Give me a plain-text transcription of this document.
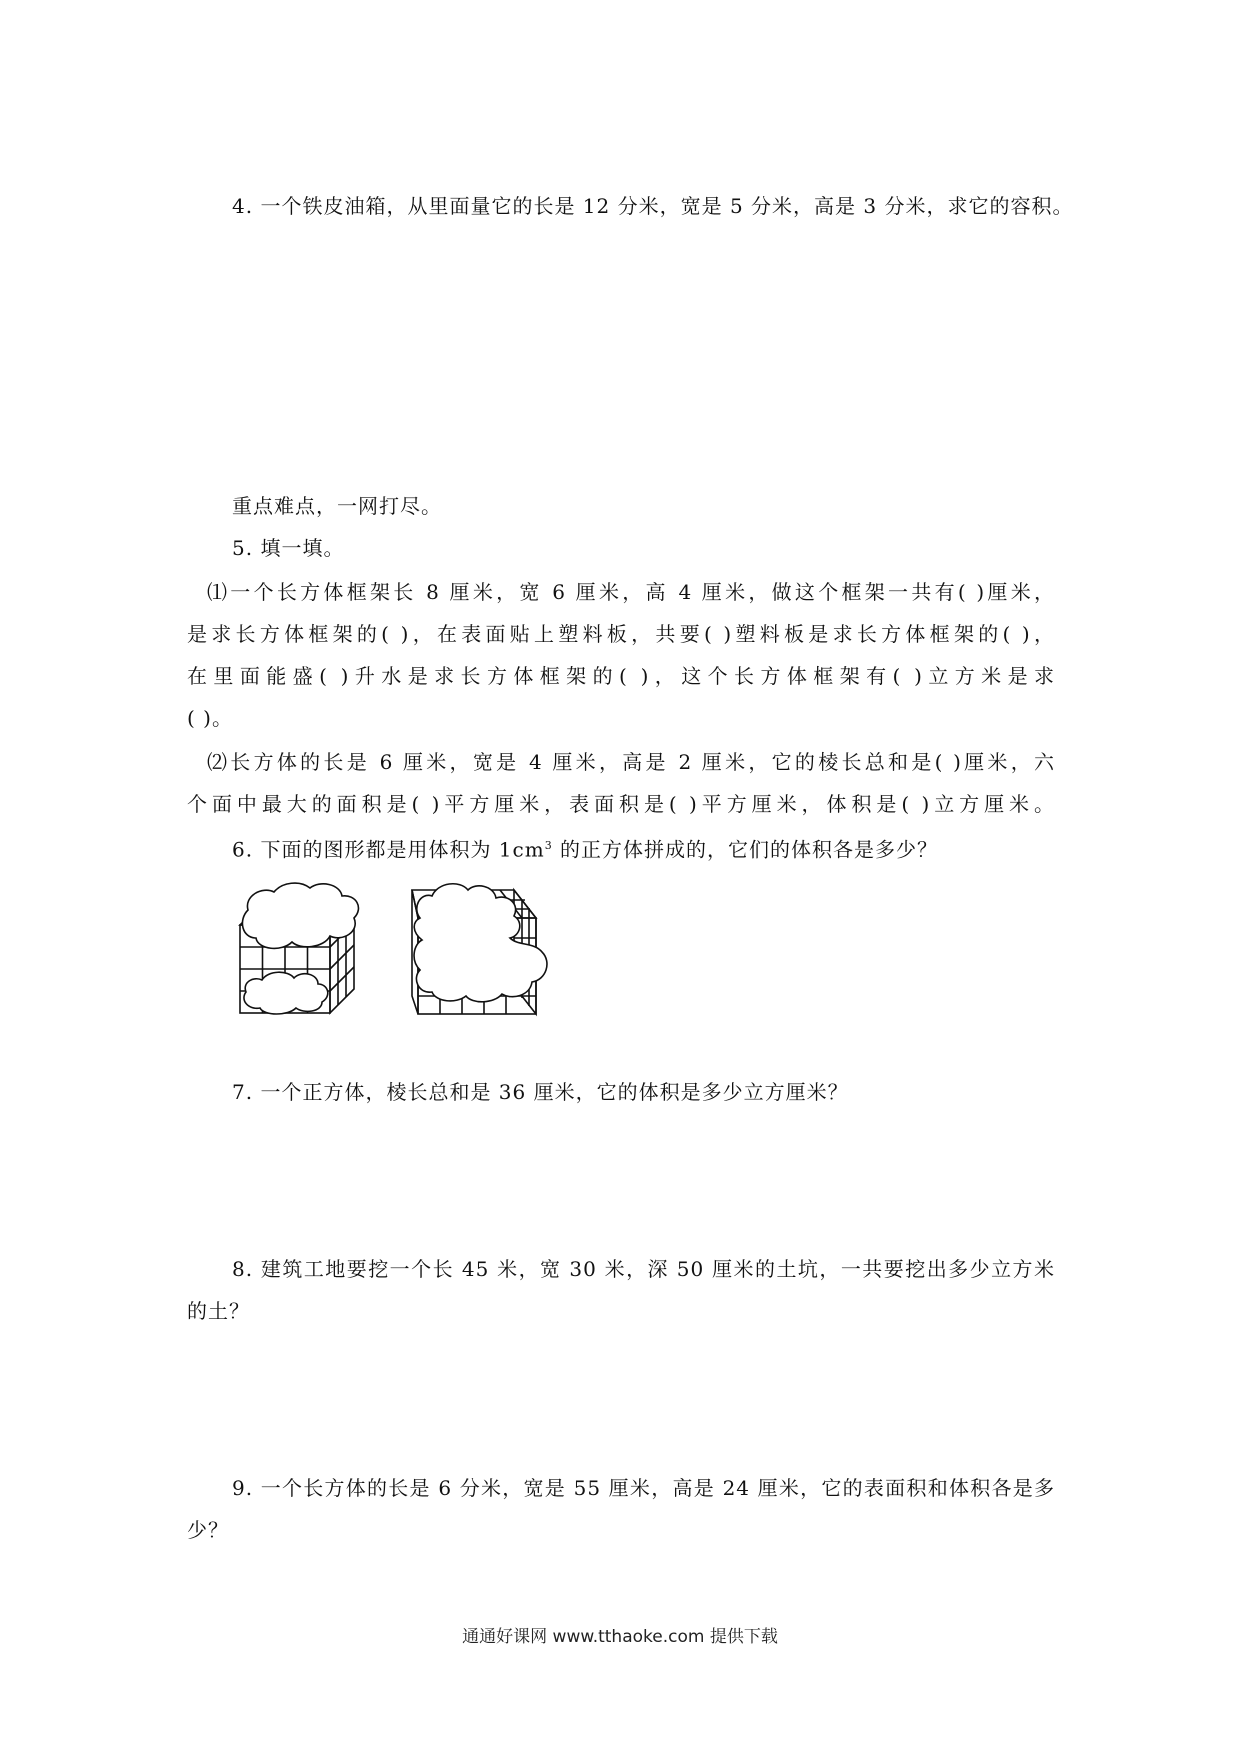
4. 一个铁皮油箱，从里面量它的长是 12 分米，宽是 5 分米，高是 3 分米，求它的容积。
重点难点，一网打尽。
5. 填一填。
⑴一个长方体框架长 8 厘米，宽 6 厘米，高 4 厘米，做这个框架一共有( )厘米，
是求长方体框架的( )，在表面贴上塑料板，共要( )塑料板是求长方体框架的( )，
在里面能盛( )升水是求长方体框架的( )，这个长方体框架有( )立方米是求
( )。
⑵长方体的长是 6 厘米，宽是 4 厘米，高是 2 厘米，它的棱长总和是( )厘米，六
个面中最大的面积是( )平方厘米，表面积是( )平方厘米，体积是( )立方厘米。
6. 下面的图形都是用体积为 $1cm^3$ 的正方体拼成的，它们的体积各是多少？
7. 一个正方体，棱长总和是 36 厘米，它的体积是多少立方厘米？
8. 建筑工地要挖一个长 45 米，宽 30 米，深 50 厘米的土坑，一共要挖出多少立方米
的土？
9. 一个长方体的长是 6 分米，宽是 55 厘米，高是 24 厘米，它的表面积和体积各是多
少？
通通好课网 www.tthaoke.com 提供下载
